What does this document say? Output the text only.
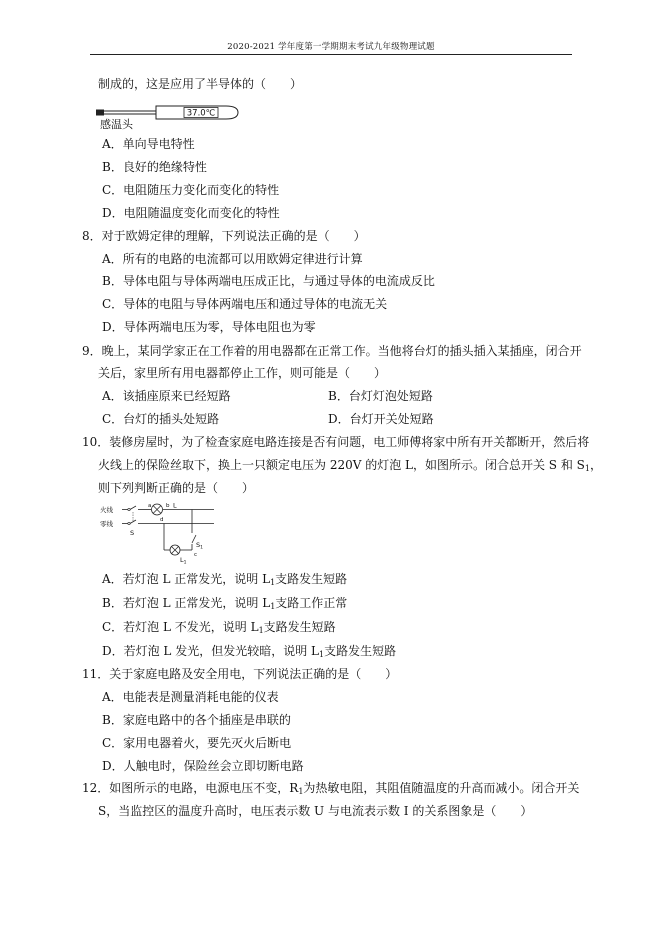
2020-2021 学年度第一学期期末考试九年级物理试题
制成的，这是应用了半导体的（　　）
37.0℃
感温头
A．单向导电特性
B．良好的绝缘特性
C．电阻随压力变化而变化的特性
D．电阻随温度变化而变化的特性
8．对于欧姆定律的理解，下列说法正确的是（　　）
A．所有的电路的电流都可以用欧姆定律进行计算
B．导体电阻与导体两端电压成正比，与通过导体的电流成反比
C．导体的电阻与导体两端电压和通过导体的电流无关
D．导体两端电压为零，导体电阻也为零
9．晚上，某同学家正在工作着的用电器都在正常工作。当他将台灯的插头插入某插座，闭合开
关后，家里所有用电器都停止工作，则可能是（　　）
A．该插座原来已经短路	B．台灯灯泡处短路
C．台灯的插头处短路	D．台灯开关处短路
10．装修房屋时，为了检查家庭电路连接是否有问题，电工师傅将家中所有开关都断开，然后将
火线上的保险丝取下，换上一只额定电压为 220V 的灯泡 L，如图所示。闭合总开关 S 和 $S_1$，
则下列判断正确的是（　　）
火线	a	b L
零线
S
d
$L_1$
$S_1$
c
A．若灯泡 L 正常发光，说明 $L_1$支路发生短路
B．若灯泡 L 正常发光，说明 $L_1$支路工作正常
C．若灯泡 L 不发光，说明 $L_1$支路发生短路
D．若灯泡 L 发光，但发光较暗，说明 $L_1$支路发生短路
11．关于家庭电路及安全用电，下列说法正确的是（　　）
A．电能表是测量消耗电能的仪表
B．家庭电路中的各个插座是串联的
C．家用电器着火，要先灭火后断电
D．人触电时，保险丝会立即切断电路
12．如图所示的电路，电源电压不变，$R_1$为热敏电阻，其阻值随温度的升高而减小。闭合开关
S，当监控区的温度升高时，电压表示数 U 与电流表示数 I 的关系图象是（　　）
